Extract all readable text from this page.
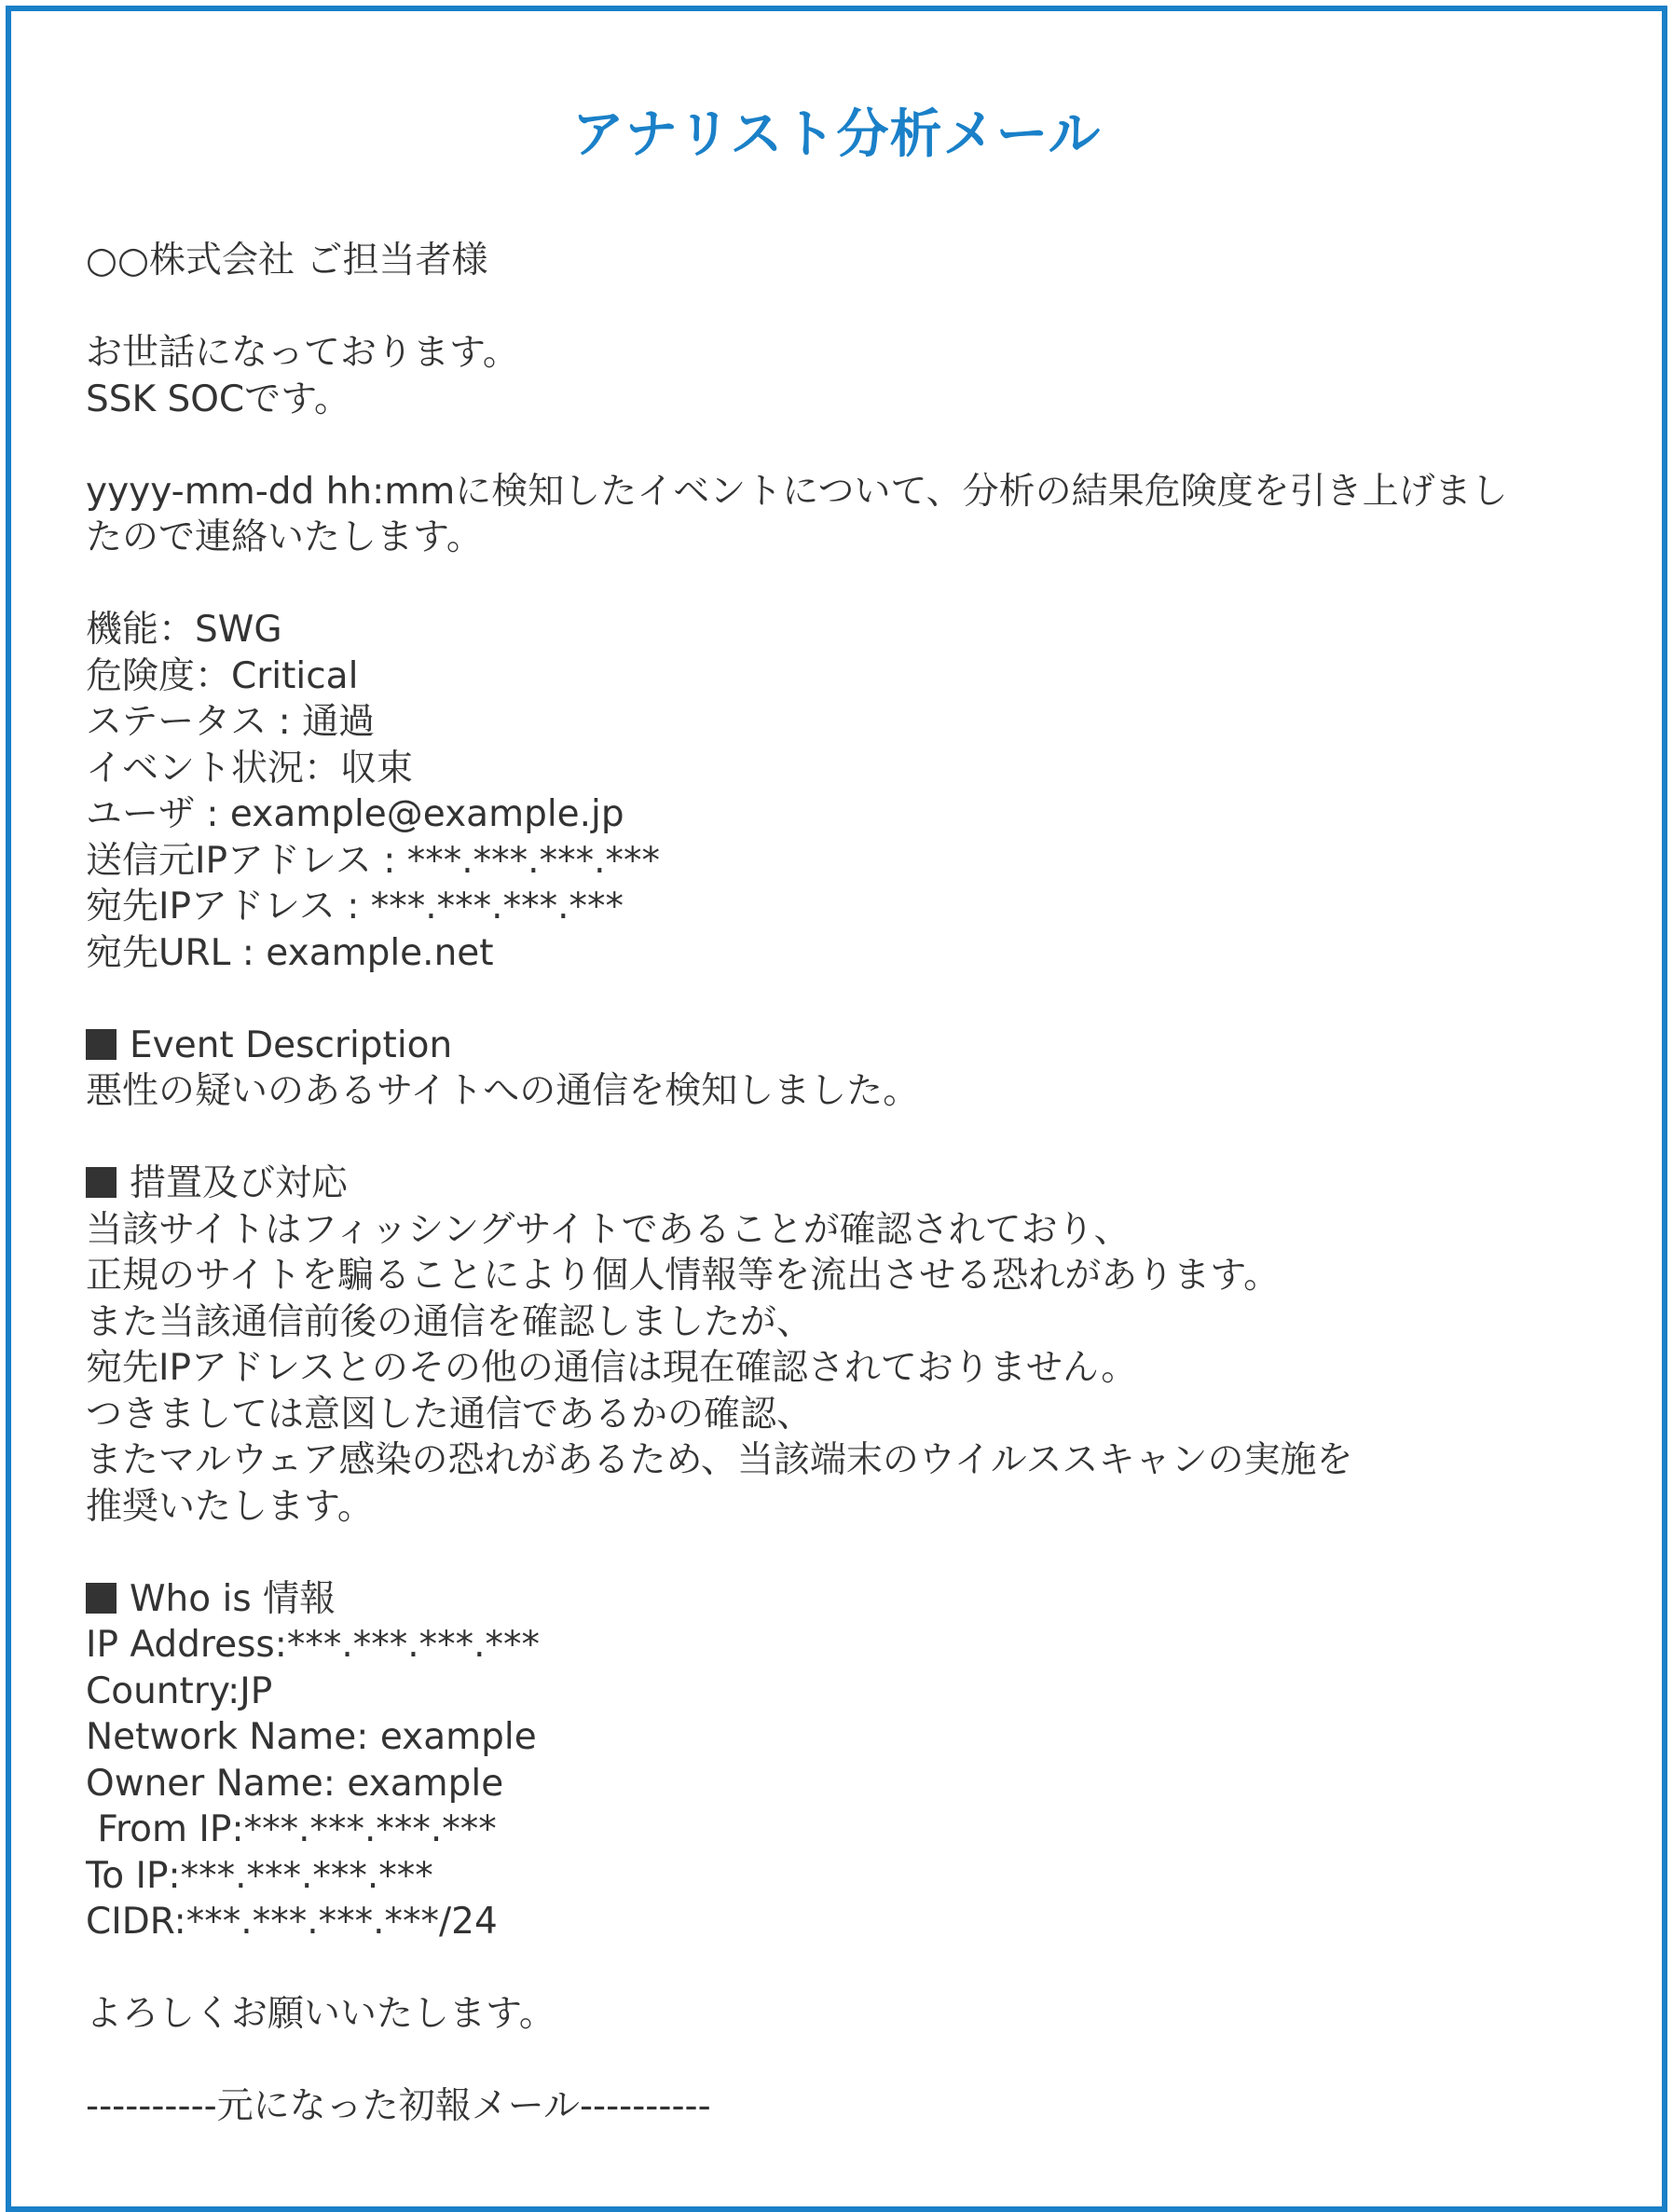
アナリスト分析メール
○○株式会社 ご担当者様
お世話になっております。
SSK SOCです。
yyyy-mm-dd hh:mmに検知したイベントについて、分析の結果危険度を引き上げまし
たので連絡いたします。
機能：SWG
危険度：Critical
ステータス : 通過
イベント状況：収束
ユーザ : example@example.jp
送信元IPアドレス : ***.***.***.***
宛先IPアドレス : ***.***.***.***
宛先URL : example.net
Event Description
悪性の疑いのあるサイトへの通信を検知しました。
措置及び対応
当該サイトはフィッシングサイトであることが確認されており、
正規のサイトを騙ることにより個人情報等を流出させる恐れがあります。
また当該通信前後の通信を確認しましたが、
宛先IPアドレスとのその他の通信は現在確認されておりません。
つきましては意図した通信であるかの確認、
またマルウェア感染の恐れがあるため、当該端末のウイルススキャンの実施を
推奨いたします。
Who is 情報
IP Address:***.***.***.***
Country:JP
Network Name: example
Owner Name: example
From IP:***.***.***.***
To IP:***.***.***.***
CIDR:***.***.***.***/24
よろしくお願いいたします。
----------元になった初報メール----------
